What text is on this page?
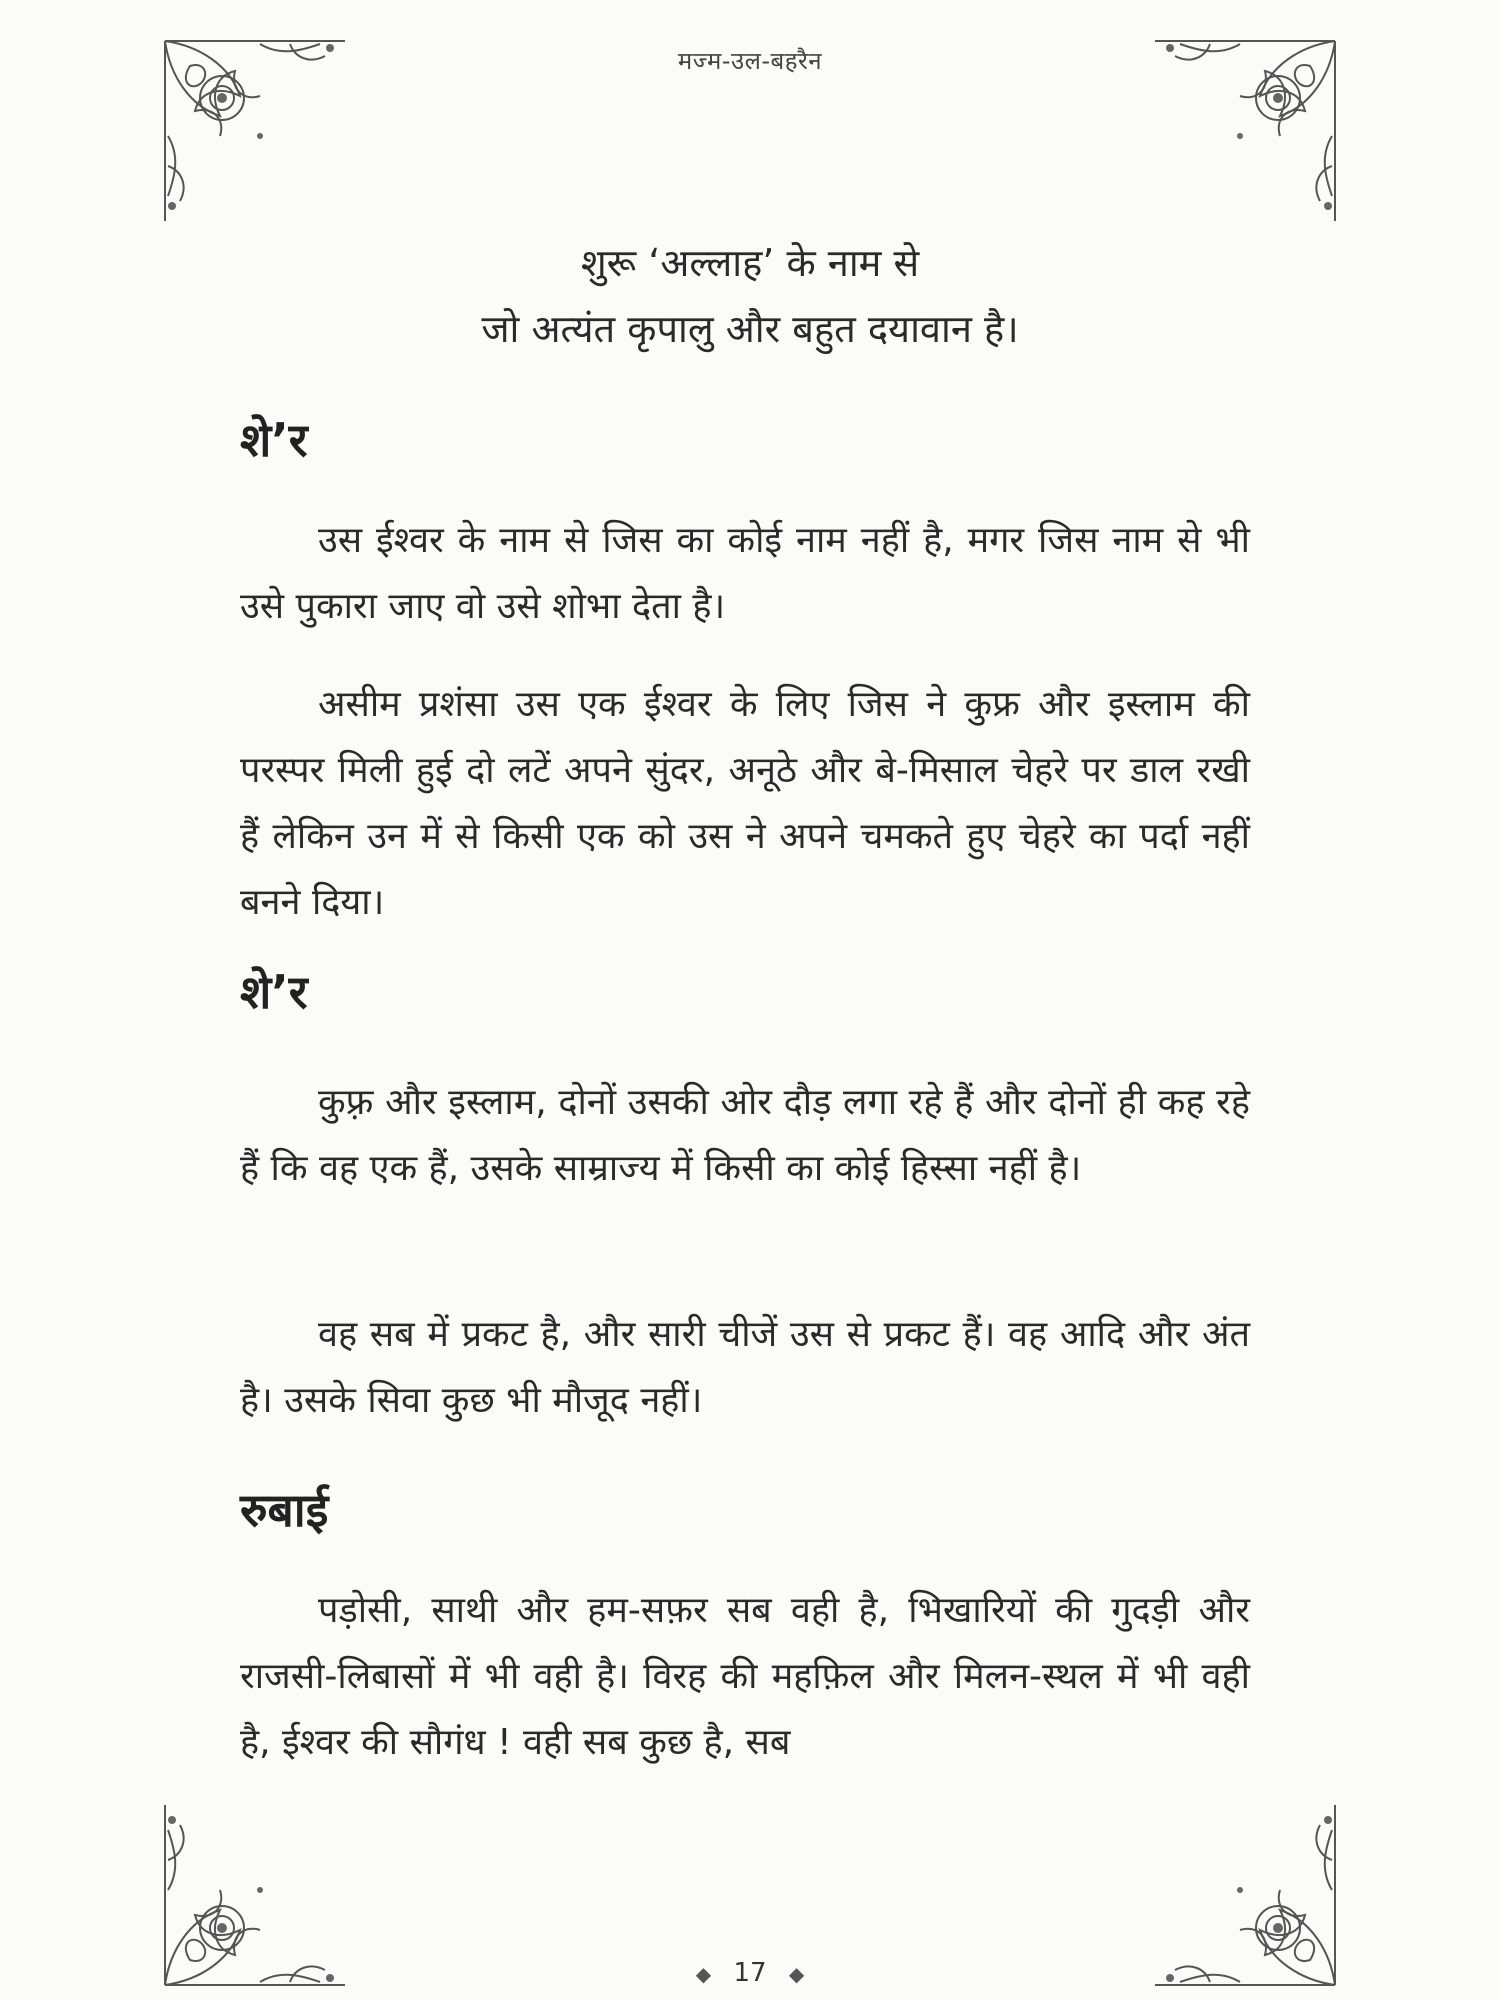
मज्म-उल-बहरैन
शुरू ‘अल्लाह’ के नाम से
जो अत्यंत कृपालु और बहुत दयावान है।
शे’र
उस ईश्वर के नाम से जिस का कोई नाम नहीं है, मगर जिस नाम से भी उसे पुकारा जाए वो उसे शोभा देता है।
असीम प्रशंसा उस एक ईश्वर के लिए जिस ने कुफ्र और इस्लाम की परस्पर मिली हुई दो लटें अपने सुंदर, अनूठे और बे-मिसाल चेहरे पर डाल रखी हैं लेकिन उन में से किसी एक को उस ने अपने चमकते हुए चेहरे का पर्दा नहीं बनने दिया।
शे’र
कुफ़्र और इस्लाम, दोनों उसकी ओर दौड़ लगा रहे हैं और दोनों ही कह रहे हैं कि वह एक हैं, उसके साम्राज्य में किसी का कोई हिस्सा नहीं है।
वह सब में प्रकट है, और सारी चीजें उस से प्रकट हैं। वह आदि और अंत है। उसके सिवा कुछ भी मौजूद नहीं।
रुबाई
पड़ोसी, साथी और हम-सफ़र सब वही है, भिखारियों की गुदड़ी और राजसी-लिबासों में भी वही है। विरह की महफ़िल और मिलन-स्थल में भी वही है, ईश्वर की सौगंध ! वही सब कुछ है, सब
◆ 17 ◆
